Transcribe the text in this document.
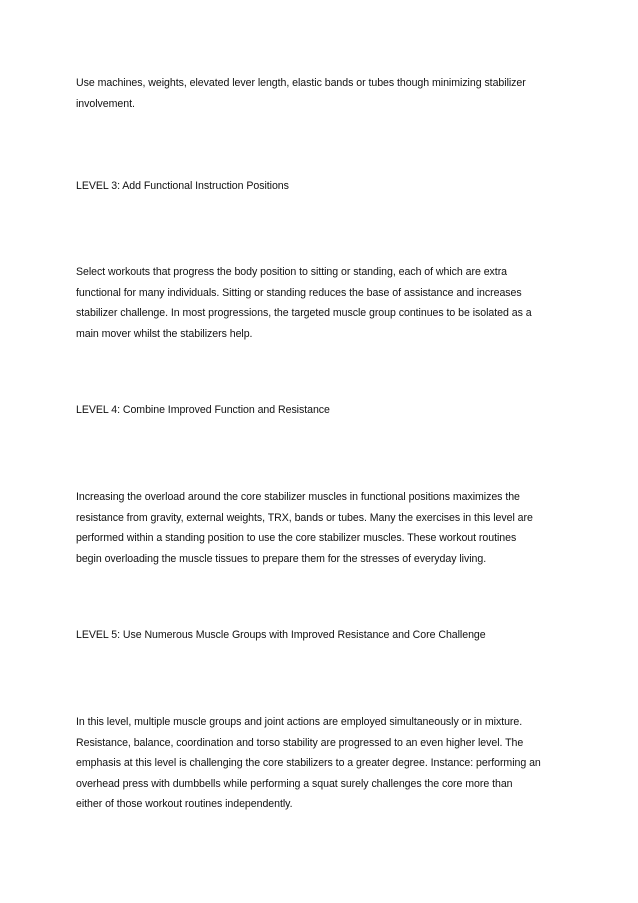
Use machines, weights, elevated lever length, elastic bands or tubes though minimizing stabilizer
involvement.

LEVEL 3: Add Functional Instruction Positions

Select workouts that progress the body position to sitting or standing, each of which are extra
functional for many individuals. Sitting or standing reduces the base of assistance and increases
stabilizer challenge. In most progressions, the targeted muscle group continues to be isolated as a
main mover whilst the stabilizers help.

LEVEL 4: Combine Improved Function and Resistance

Increasing the overload around the core stabilizer muscles in functional positions maximizes the
resistance from gravity, external weights, TRX, bands or tubes. Many the exercises in this level are
performed within a standing position to use the core stabilizer muscles. These workout routines
begin overloading the muscle tissues to prepare them for the stresses of everyday living.

LEVEL 5: Use Numerous Muscle Groups with Improved Resistance and Core Challenge

In this level, multiple muscle groups and joint actions are employed simultaneously or in mixture.
Resistance, balance, coordination and torso stability are progressed to an even higher level. The
emphasis at this level is challenging the core stabilizers to a greater degree. Instance: performing an
overhead press with dumbbells while performing a squat surely challenges the core more than
either of those workout routines independently.
